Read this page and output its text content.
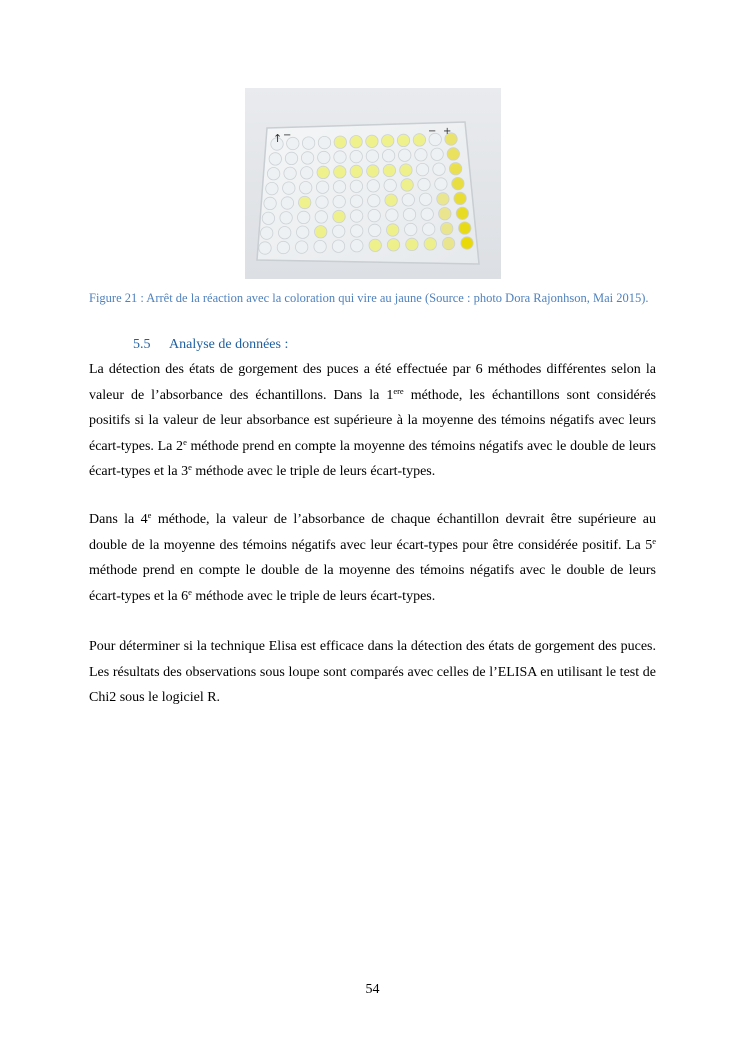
↑ −	− +
Figure 21 : Arrêt de la réaction avec la coloration qui vire au jaune (Source : photo Dora Rajonhson, Mai 2015).
5.5 Analyse de données :

La détection des états de gorgement des puces a été effectuée par 6 méthodes différentes selon la valeur de l’absorbance des échantillons. Dans la 1ere méthode, les échantillons sont considérés positifs si la valeur de leur absorbance est supérieure à la moyenne des témoins négatifs avec leurs écart-types. La 2e méthode prend en compte la moyenne des témoins négatifs avec le double de leurs écart-types et la 3e méthode avec le triple de leurs écart-types.

Dans la 4e méthode, la valeur de l’absorbance de chaque échantillon devrait être supérieure au double de la moyenne des témoins négatifs avec leur écart-types pour être considérée positif. La 5e méthode prend en compte le double de la moyenne des témoins négatifs avec le double de leurs écart-types et la 6e méthode avec le triple de leurs écart-types.

Pour déterminer si la technique Elisa est efficace dans la détection des états de gorgement des puces. Les résultats des observations sous loupe sont comparés avec celles de l’ELISA en utilisant le test de Chi2 sous le logiciel R.

54
